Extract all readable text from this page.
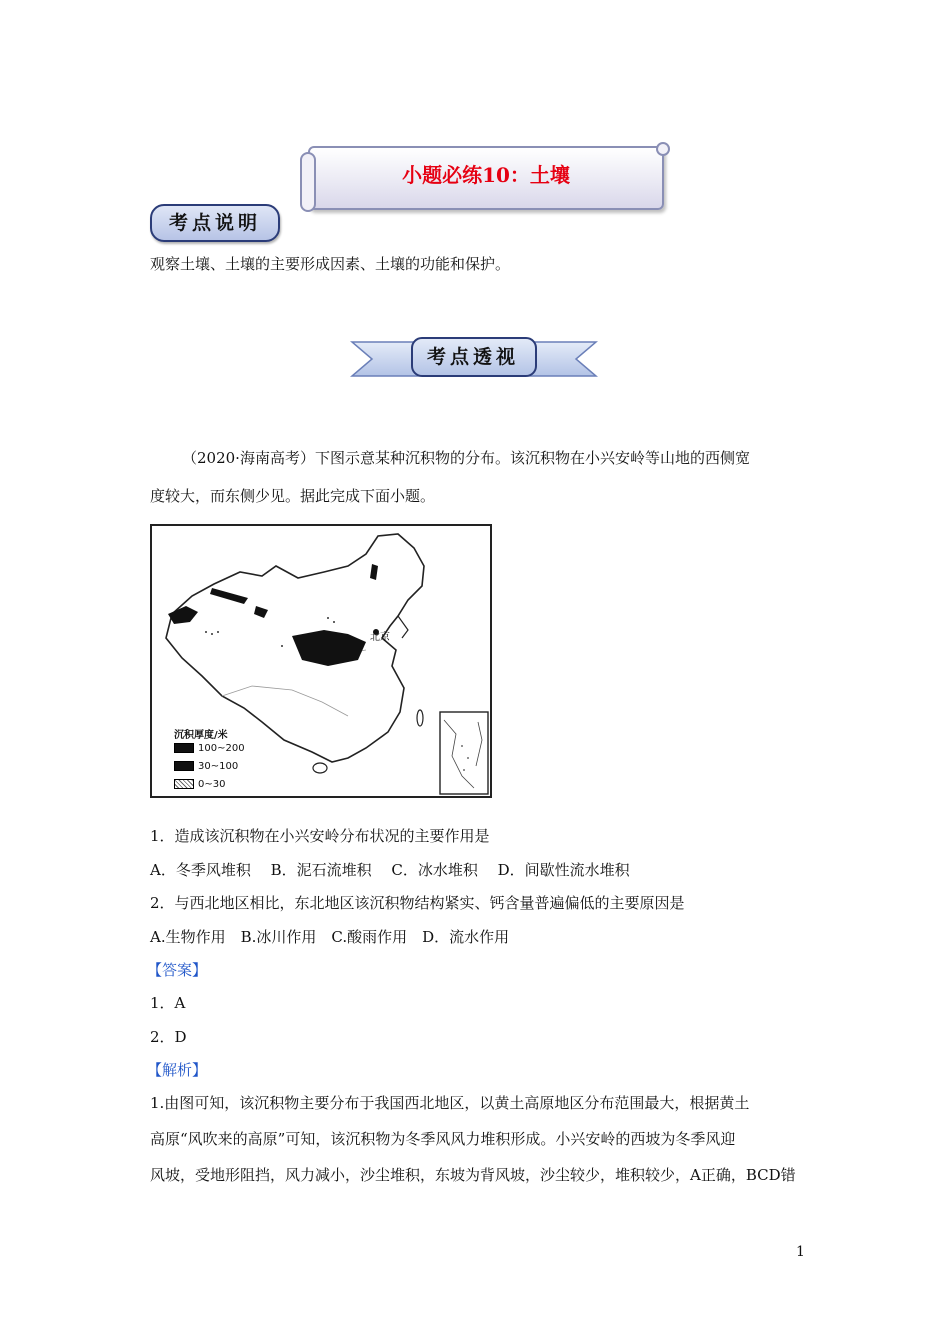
小题必练10：土壤
考点说明
观察土壤、土壤的主要形成因素、土壤的功能和保护。
考点透视
（2020·海南高考）下图示意某种沉积物的分布。该沉积物在小兴安岭等山地的西侧宽
度较大，而东侧少见。据此完成下面小题。
北京
沉积厚度/米
100~200
30~100
0~30
1．造成该沉积物在小兴安岭分布状况的主要作用是
A．冬季风堆积　 B．泥石流堆积　 C．冰水堆积　 D．间歇性流水堆积
2．与西北地区相比，东北地区该沉积物结构紧实、钙含量普遍偏低的主要原因是
A.生物作用　B.冰川作用　C.酸雨作用　D．流水作用
【答案】
1．A
2．D
【解析】
1.由图可知，该沉积物主要分布于我国西北地区，以黄土高原地区分布范围最大，根据黄土
高原“风吹来的高原”可知，该沉积物为冬季风风力堆积形成。小兴安岭的西坡为冬季风迎
风坡，受地形阻挡，风力减小，沙尘堆积，东坡为背风坡，沙尘较少，堆积较少，A正确，BCD错
1
